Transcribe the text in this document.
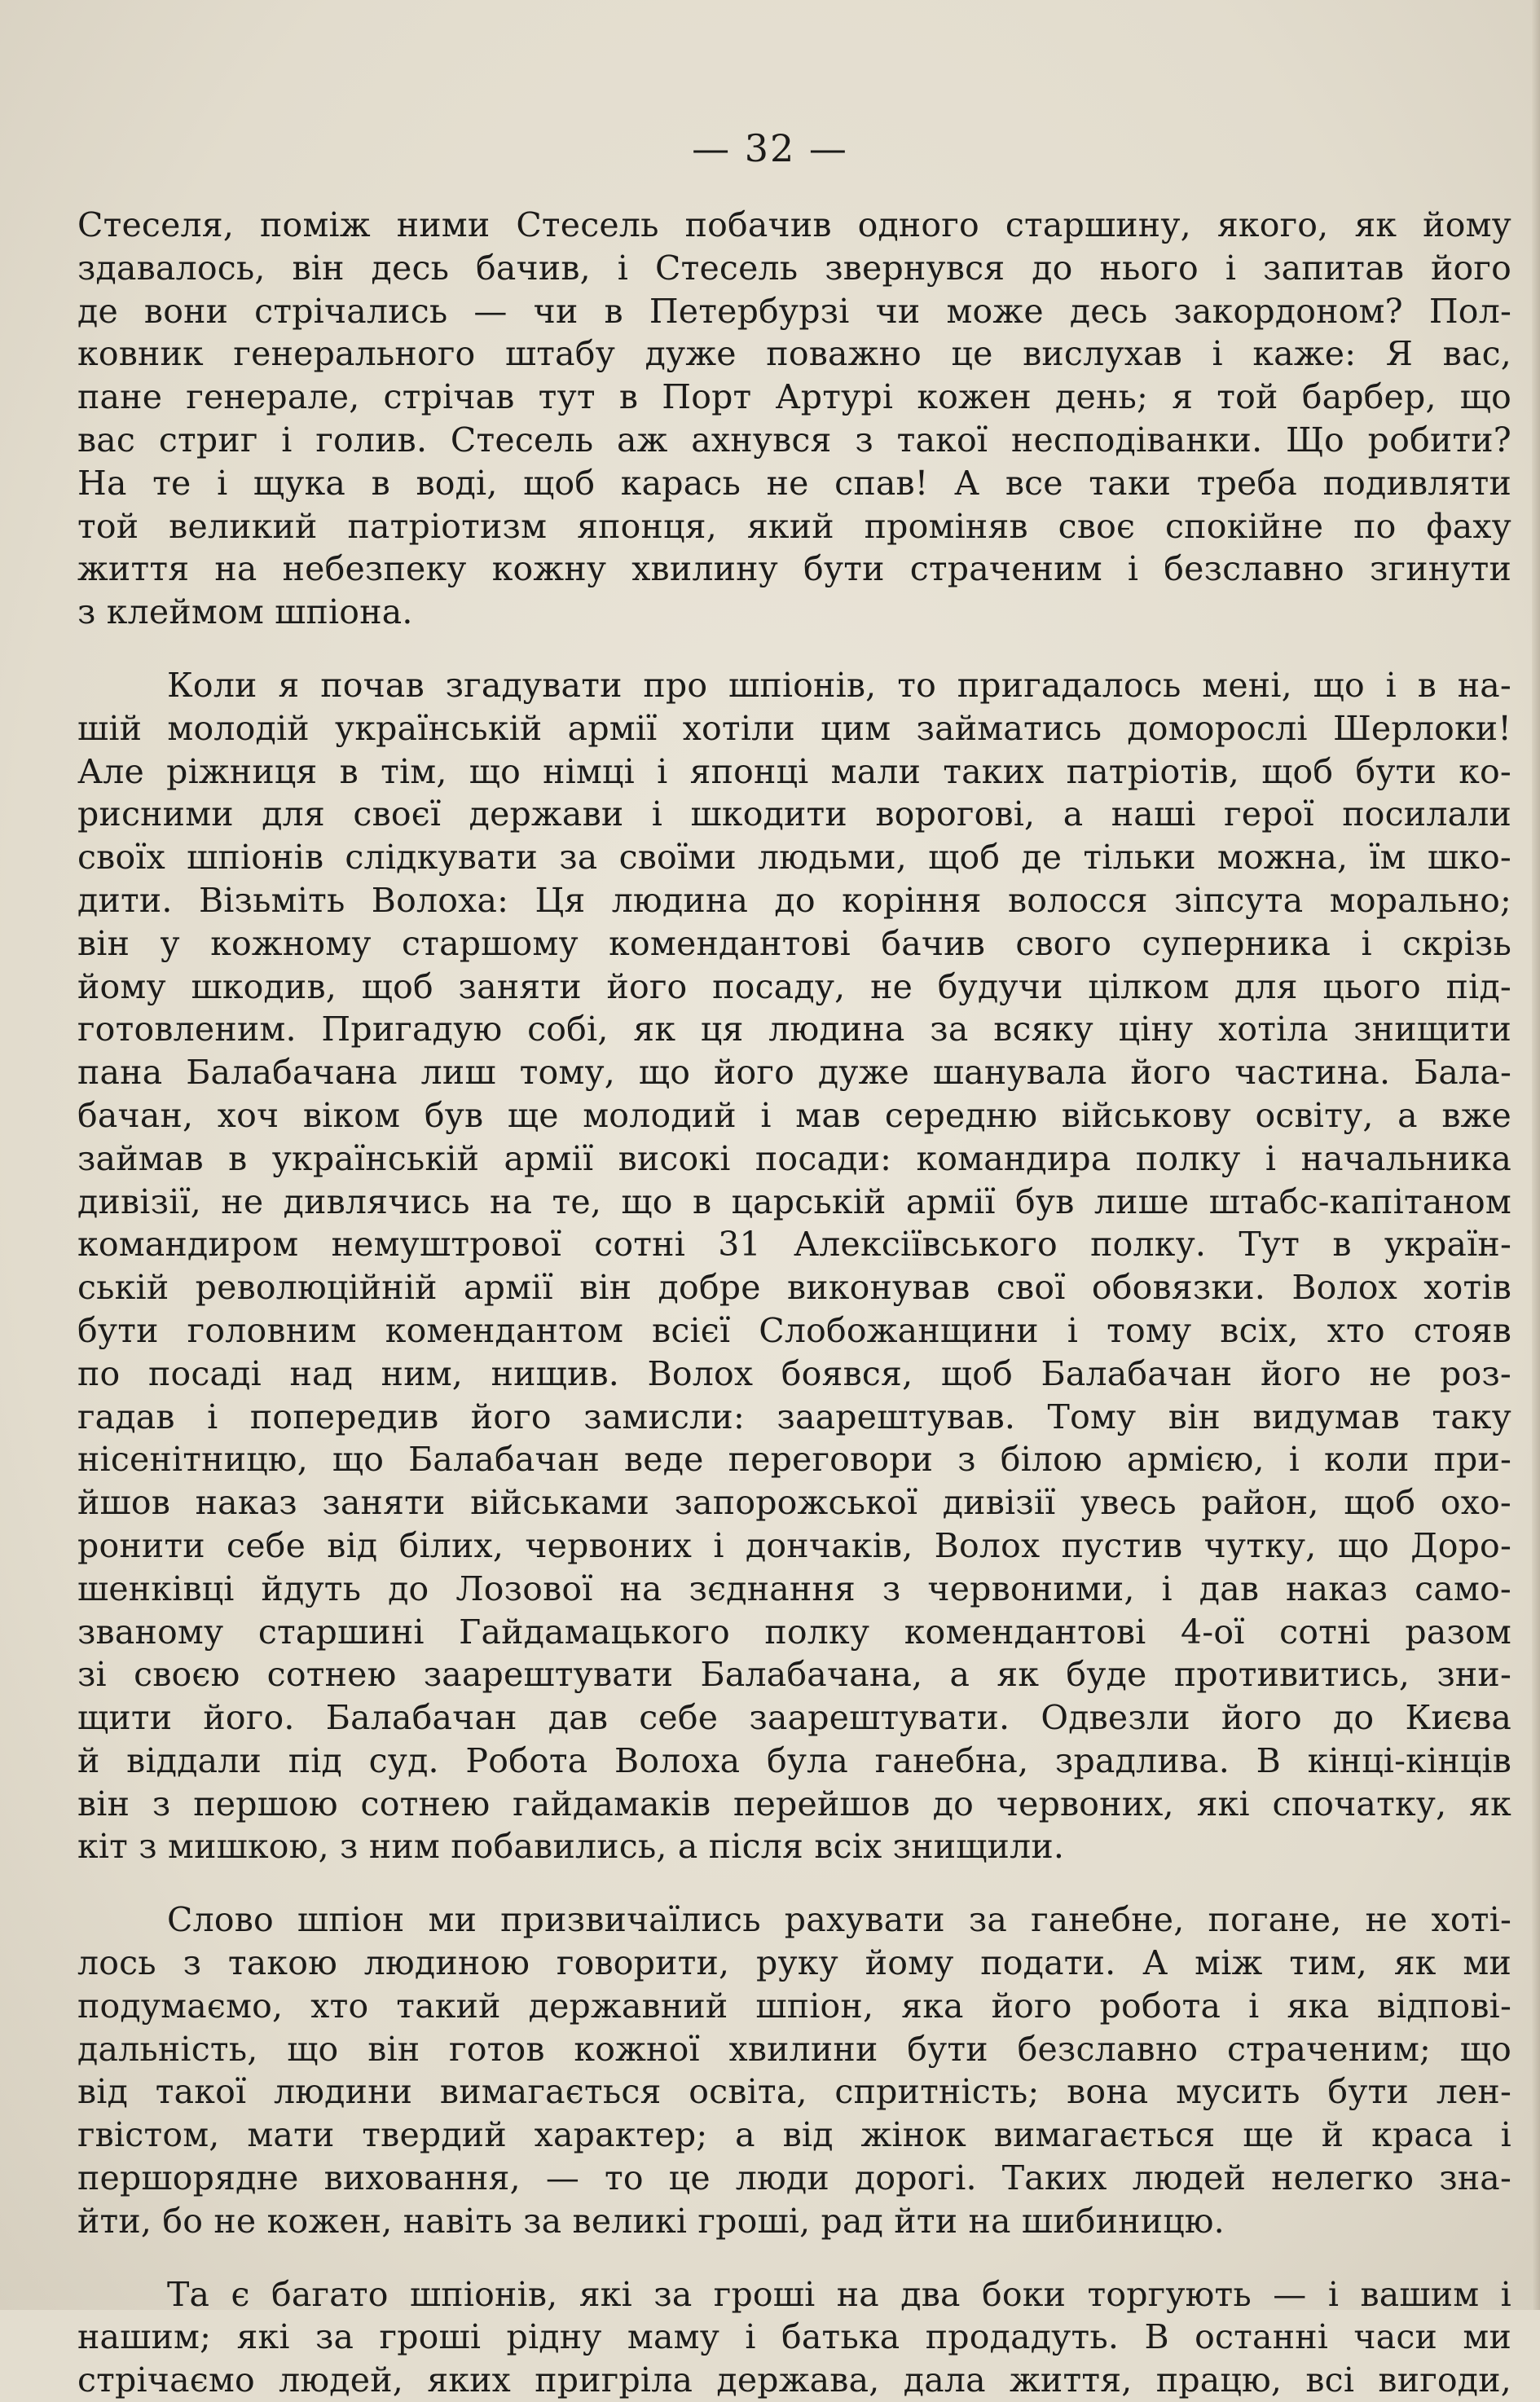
— 32 —
Стеселя, поміж ними Стесель побачив одного старшину, якого, як йому
здавалось, він десь бачив, і Стесель звернувся до нього і запитав його
де вони стрічались — чи в Петербурзі чи може десь закордоном? Пол-
ковник генерального штабу дуже поважно це вислухав і каже: Я вас,
пане генерале, стрічав тут в Порт Артурі кожен день; я той барбер, що
вас стриг і голив. Стесель аж ахнувся з такої несподіванки. Що робити?
На те і щука в воді, щоб карась не спав! А все таки треба подивляти
той великий патріотизм японця, який проміняв своє спокійне по фаху
життя на небезпеку кожну хвилину бути страченим і безславно згинути
з клеймом шпіона.
Коли я почав згадувати про шпіонів, то пригадалось мені, що і в на-
шій молодій українській армії хотіли цим займатись доморослі Шерлоки!
Але ріжниця в тім, що німці і японці мали таких патріотів, щоб бути ко-
рисними для своєї держави і шкодити ворогові, а наші герої посилали
своїх шпіонів слідкувати за своїми людьми, щоб де тільки можна, їм шко-
дити. Візьміть Волоха: Ця людина до коріння волосся зіпсута морально;
він у кожному старшому комендантові бачив свого суперника і скрізь
йому шкодив, щоб заняти його посаду, не будучи цілком для цього під-
готовленим. Пригадую собі, як ця людина за всяку ціну хотіла знищити
пана Балабачана лиш тому, що його дуже шанувала його частина. Бала-
бачан, хоч віком був ще молодий і мав середню військову освіту, а вже
займав в українській армії високі посади: командира полку і начальника
дивізії, не дивлячись на те, що в царській армії був лише штабс-капітаном
командиром немуштрової сотні 31 Алексіївського полку. Тут в україн-
ській революційній армії він добре виконував свої обовязки. Волох хотів
бути головним комендантом всієї Слобожанщини і тому всіх, хто стояв
по посаді над ним, нищив. Волох боявся, щоб Балабачан його не роз-
гадав і попередив його замисли: заарештував. Тому він видумав таку
нісенітницю, що Балабачан веде переговори з білою армією, і коли при-
йшов наказ заняти військами запорожської дивізії увесь район, щоб охо-
ронити себе від білих, червоних і дончаків, Волох пустив чутку, що Доро-
шенківці йдуть до Лозової на зєднання з червоними, і дав наказ само-
званому старшині Гайдамацького полку комендантові 4-ої сотні разом
зі своєю сотнею заарештувати Балабачана, а як буде противитись, зни-
щити його. Балабачан дав себе заарештувати. Одвезли його до Києва
й віддали під суд. Робота Волоха була ганебна, зрадлива. В кінці-кінців
він з першою сотнею гайдамаків перейшов до червоних, які спочатку, як
кіт з мишкою, з ним побавились, а після всіх знищили.
Слово шпіон ми призвичаїлись рахувати за ганебне, погане, не хоті-
лось з такою людиною говорити, руку йому подати. А між тим, як ми
подумаємо, хто такий державний шпіон, яка його робота і яка відпові-
дальність, що він готов кожної хвилини бути безславно страченим; що
від такої людини вимагається освіта, спритність; вона мусить бути лен-
гвістом, мати твердий характер; а від жінок вимагається ще й краса і
першорядне виховання, — то це люди дорогі. Таких людей нелегко зна-
йти, бо не кожен, навіть за великі гроші, рад йти на шибиницю.
Та є багато шпіонів, які за гроші на два боки торгують — і вашим і
нашим; які за гроші рідну маму і батька продадуть. В останні часи ми
стрічаємо людей, яких пригріла держава, дала життя, працю, всі вигоди,
